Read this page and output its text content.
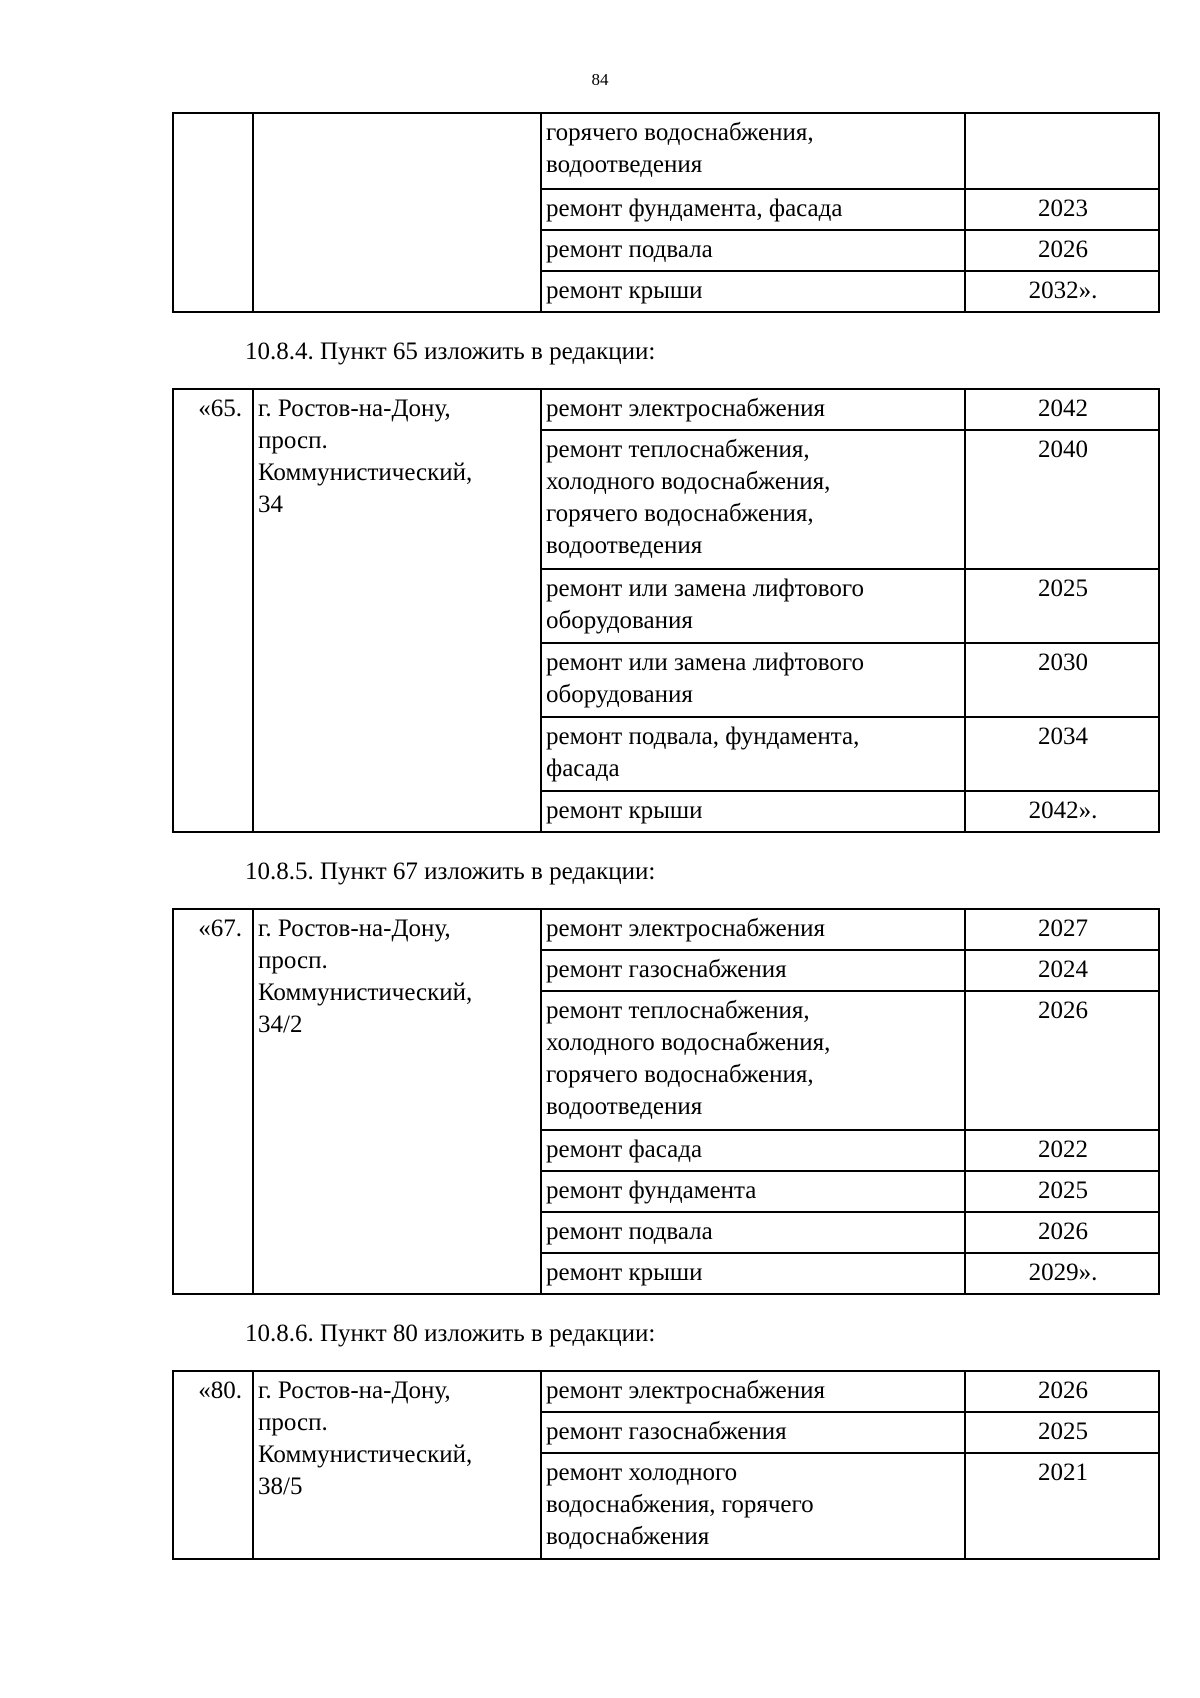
84

		горячего водоснабжения,
водоотведения	

		ремонт фундамента, фасада	2023
		ремонт подвала	2026
		ремонт крыши	2032».
10.8.4. Пункт 65 изложить в редакции:
«65.	г. Ростов-на-Дону,
просп.
Коммунистический,
34	ремонт электроснабжения	2042

		ремонт теплоснабжения,
холодного водоснабжения,
горячего водоснабжения,
водоотведения	2040

		ремонт или замена лифтового
оборудования	2025

		ремонт или замена лифтового
оборудования	2030

		ремонт подвала, фундамента,
фасада	2034
		ремонт крыши	2042».
10.8.5. Пункт 67 изложить в редакции:
«67.	г. Ростов-на-Дону,
просп.
Коммунистический,
34/2	ремонт электроснабжения	2027
		ремонт газоснабжения	2024

		ремонт теплоснабжения,
холодного водоснабжения,
горячего водоснабжения,
водоотведения	2026
		ремонт фасада	2022
		ремонт фундамента	2025
		ремонт подвала	2026
		ремонт крыши	2029».
10.8.6. Пункт 80 изложить в редакции:
«80.	г. Ростов-на-Дону,
просп.
Коммунистический,
38/5	ремонт электроснабжения	2026
		ремонт газоснабжения	2025

		ремонт холодного
водоснабжения, горячего
водоснабжения	2021
